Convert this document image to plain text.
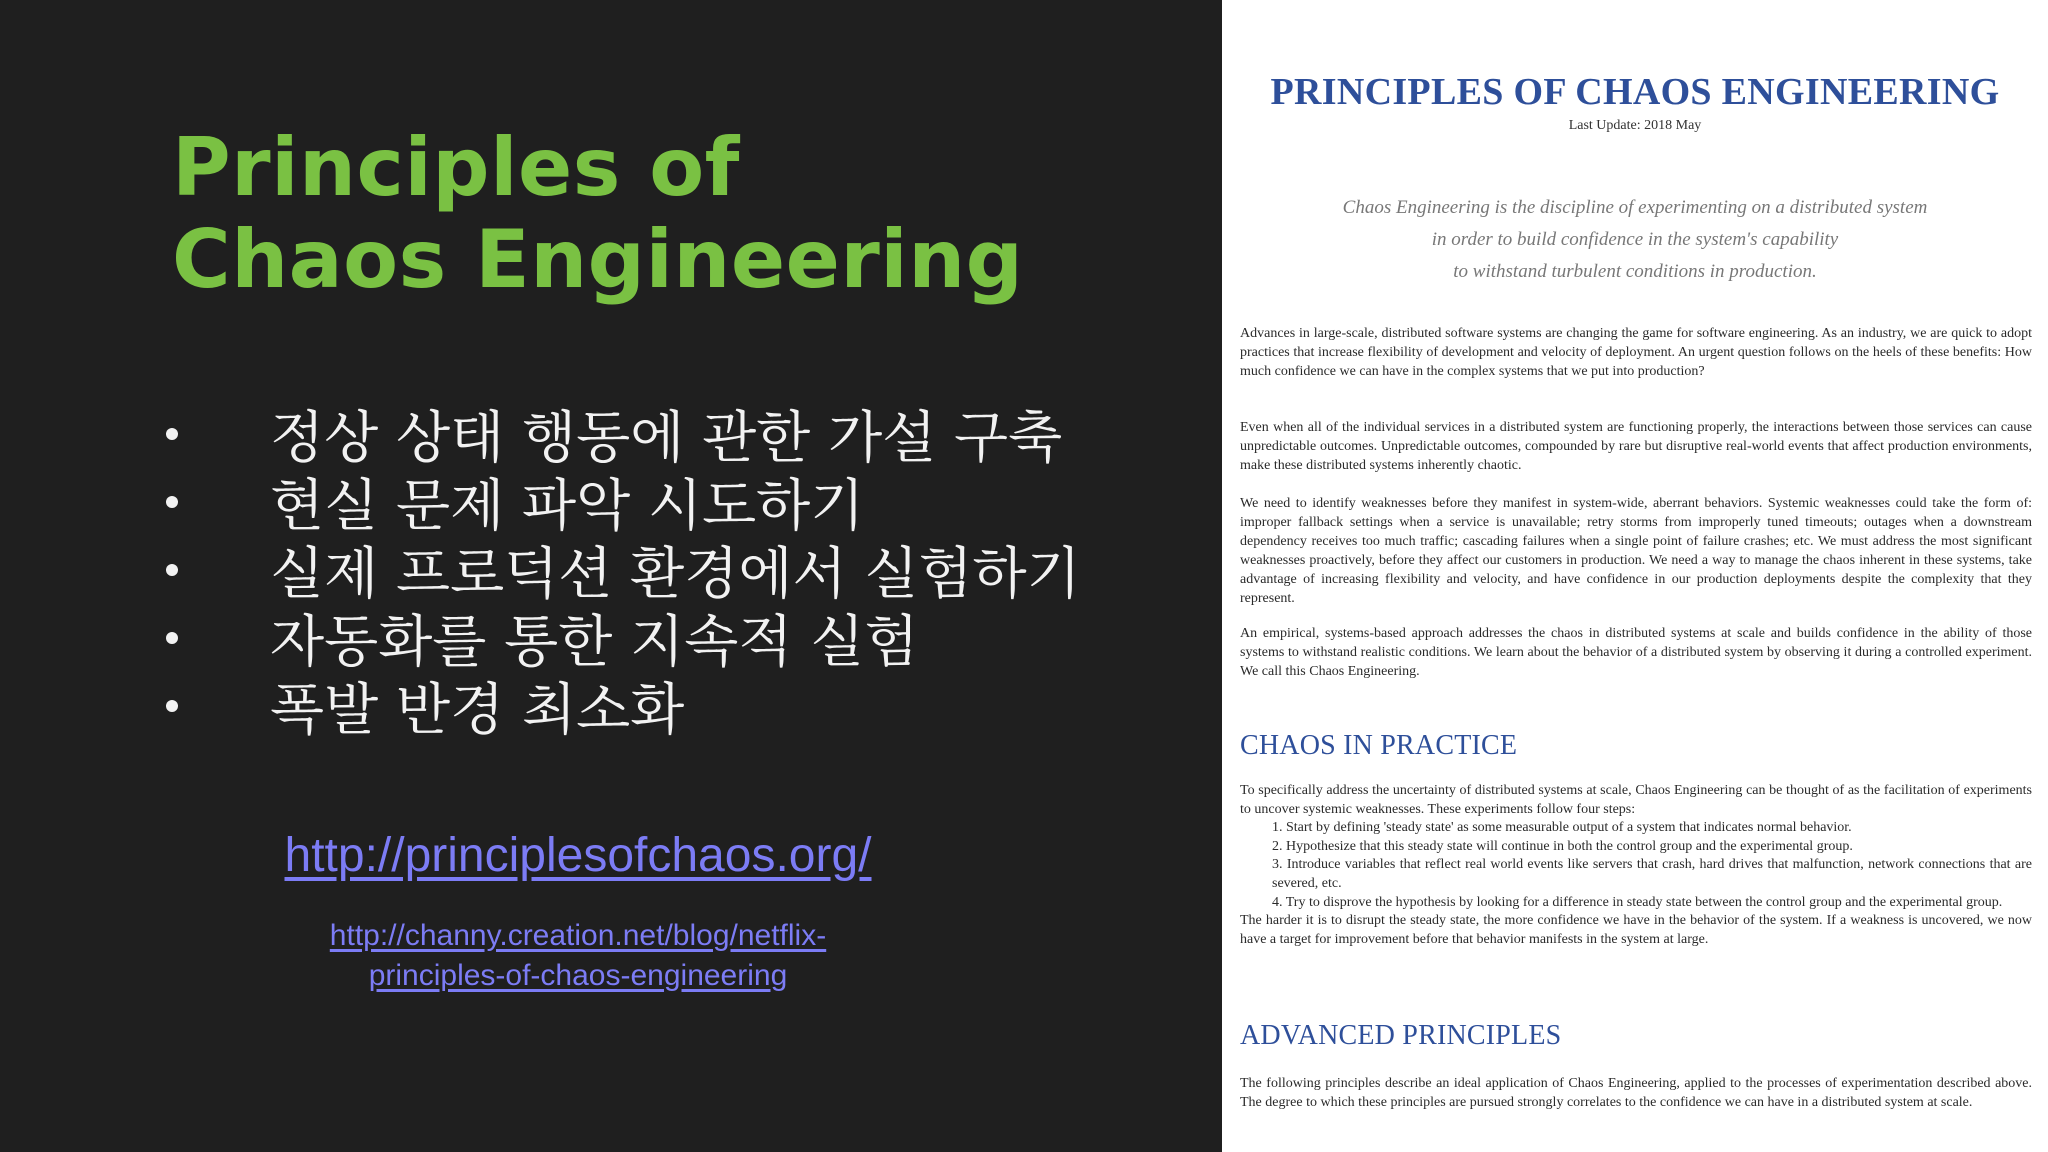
Principles of
Chaos Engineering
정상 상태 행동에 관한 가설 구축
현실 문제 파악 시도하기
실제 프로덕션 환경에서 실험하기
자동화를 통한 지속적 실험
폭발 반경 최소화
http://principlesofchaos.org/
http://channy.creation.net/blog/netflix-
principles-of-chaos-engineering
PRINCIPLES OF CHAOS ENGINEERING
Last Update: 2018 May
Chaos Engineering is the discipline of experimenting on a distributed system
in order to build confidence in the system's capability
to withstand turbulent conditions in production.

Advances in large-scale, distributed software systems are changing the game for software engineering. As an industry, we are quick to adopt practices that increase flexibility of development and velocity of deployment. An urgent question follows on the heels of these benefits: How much confidence we can have in the complex systems that we put into production?

Even when all of the individual services in a distributed system are functioning properly, the interactions between those services can cause unpredictable outcomes. Unpredictable outcomes, compounded by rare but disruptive real-world events that affect production environments, make these distributed systems inherently chaotic.

We need to identify weaknesses before they manifest in system-wide, aberrant behaviors. Systemic weaknesses could take the form of: improper fallback settings when a service is unavailable; retry storms from improperly tuned timeouts; outages when a downstream dependency receives too much traffic; cascading failures when a single point of failure crashes; etc. We must address the most significant weaknesses proactively, before they affect our customers in production. We need a way to manage the chaos inherent in these systems, take advantage of increasing flexibility and velocity, and have confidence in our production deployments despite the complexity that they represent.

An empirical, systems-based approach addresses the chaos in distributed systems at scale and builds confidence in the ability of those systems to withstand realistic conditions. We learn about the behavior of a distributed system by observing it during a controlled experiment. We call this Chaos Engineering.

CHAOS IN PRACTICE
To specifically address the uncertainty of distributed systems at scale, Chaos Engineering can be thought of as the facilitation of experiments to uncover systemic weaknesses. These experiments follow four steps:
1. Start by defining 'steady state' as some measurable output of a system that indicates normal behavior.
2. Hypothesize that this steady state will continue in both the control group and the experimental group.
3. Introduce variables that reflect real world events like servers that crash, hard drives that malfunction, network connections that are severed, etc.
4. Try to disprove the hypothesis by looking for a difference in steady state between the control group and the experimental group.
The harder it is to disrupt the steady state, the more confidence we have in the behavior of the system. If a weakness is uncovered, we now have a target for improvement before that behavior manifests in the system at large.
ADVANCED PRINCIPLES

The following principles describe an ideal application of Chaos Engineering, applied to the processes of experimentation described above. The degree to which these principles are pursued strongly correlates to the confidence we can have in a distributed system at scale.
